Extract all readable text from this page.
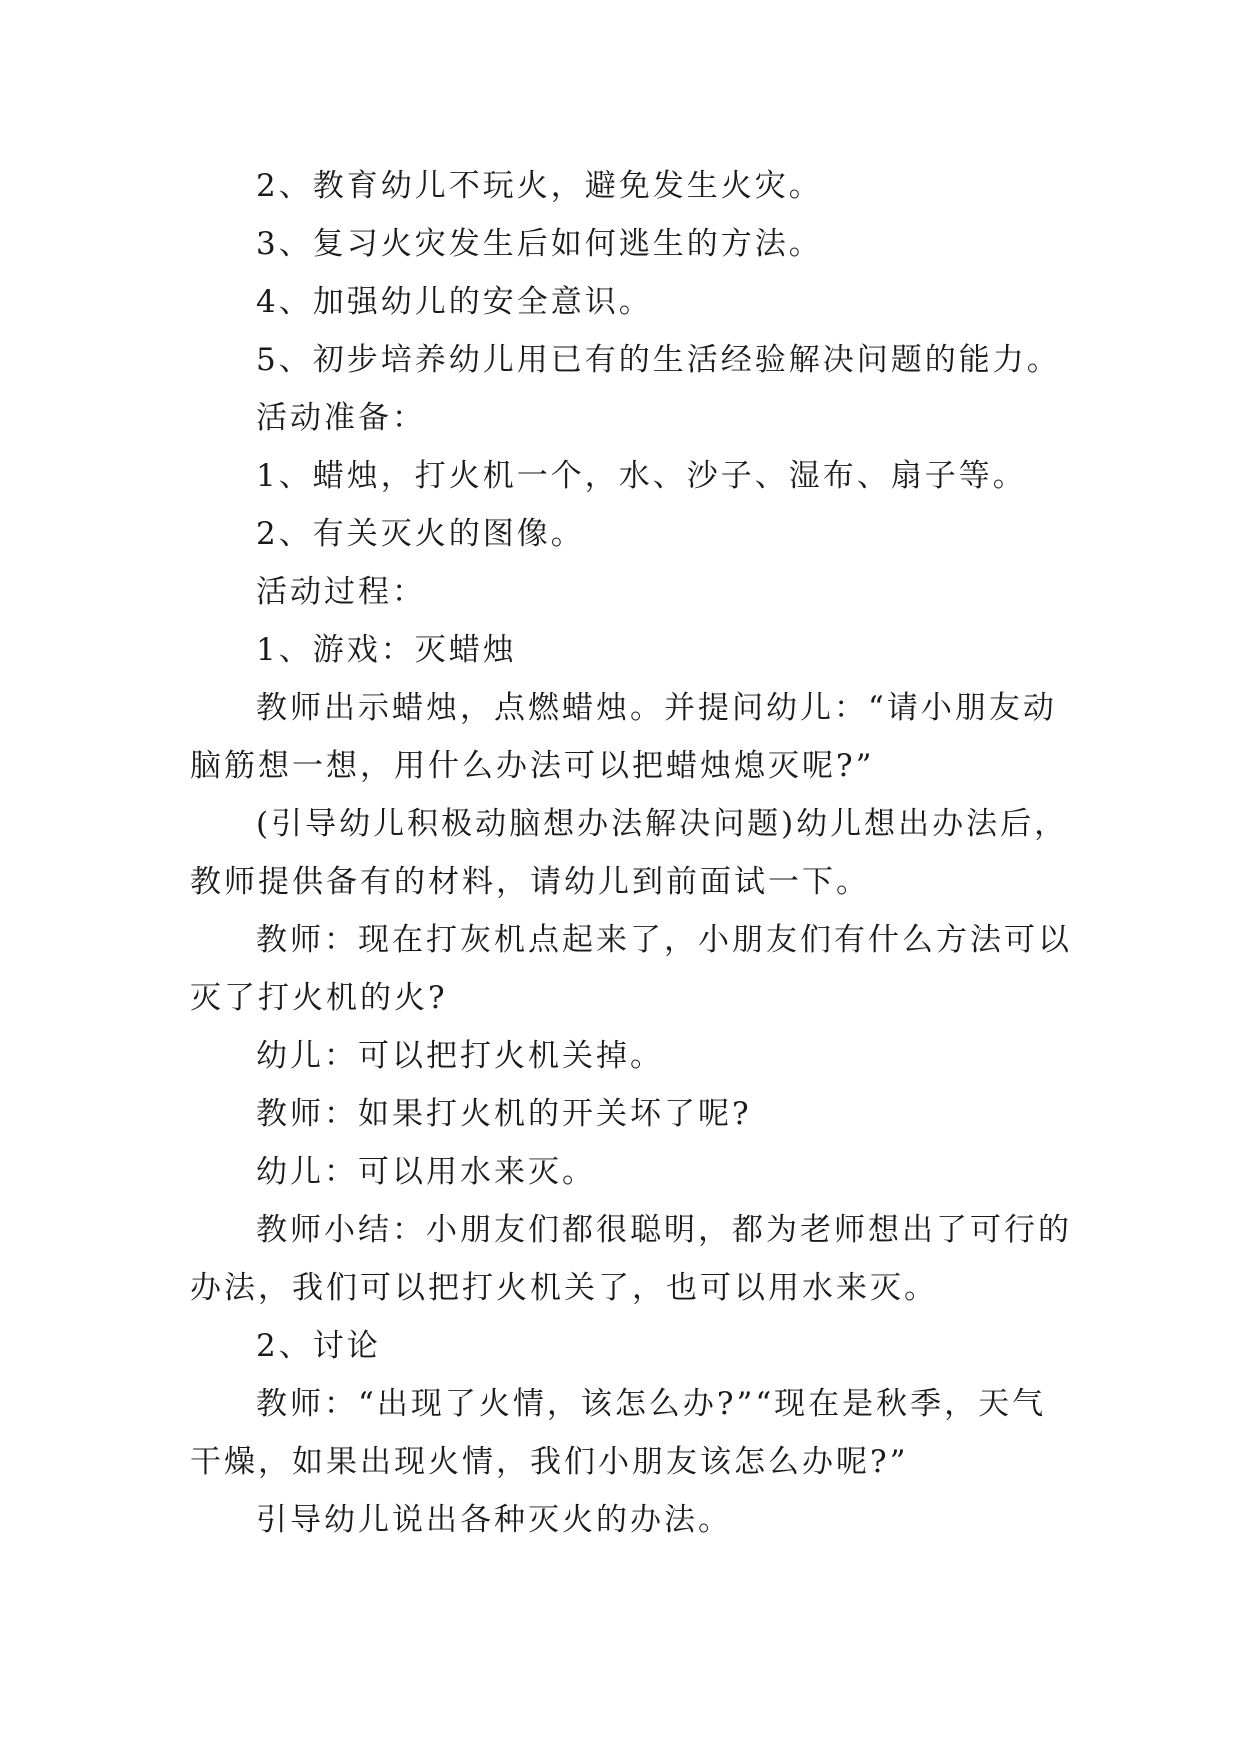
2、教育幼儿不玩火，避免发生火灾。
3、复习火灾发生后如何逃生的方法。
4、加强幼儿的安全意识。
5、初步培养幼儿用已有的生活经验解决问题的能力。
活动准备：
1、蜡烛，打火机一个，水、沙子、湿布、扇子等。
2、有关灭火的图像。
活动过程：
1、游戏：灭蜡烛
教师出示蜡烛，点燃蜡烛。并提问幼儿：“请小朋友动
脑筋想一想，用什么办法可以把蜡烛熄灭呢?”
(引导幼儿积极动脑想办法解决问题)幼儿想出办法后，
教师提供备有的材料，请幼儿到前面试一下。
教师：现在打灰机点起来了，小朋友们有什么方法可以
灭了打火机的火?
幼儿：可以把打火机关掉。
教师：如果打火机的开关坏了呢?
幼儿：可以用水来灭。
教师小结：小朋友们都很聪明，都为老师想出了可行的
办法，我们可以把打火机关了，也可以用水来灭。
2、讨论
教师：“出现了火情，该怎么办?”“现在是秋季，天气
干燥，如果出现火情，我们小朋友该怎么办呢?”
引导幼儿说出各种灭火的办法。
